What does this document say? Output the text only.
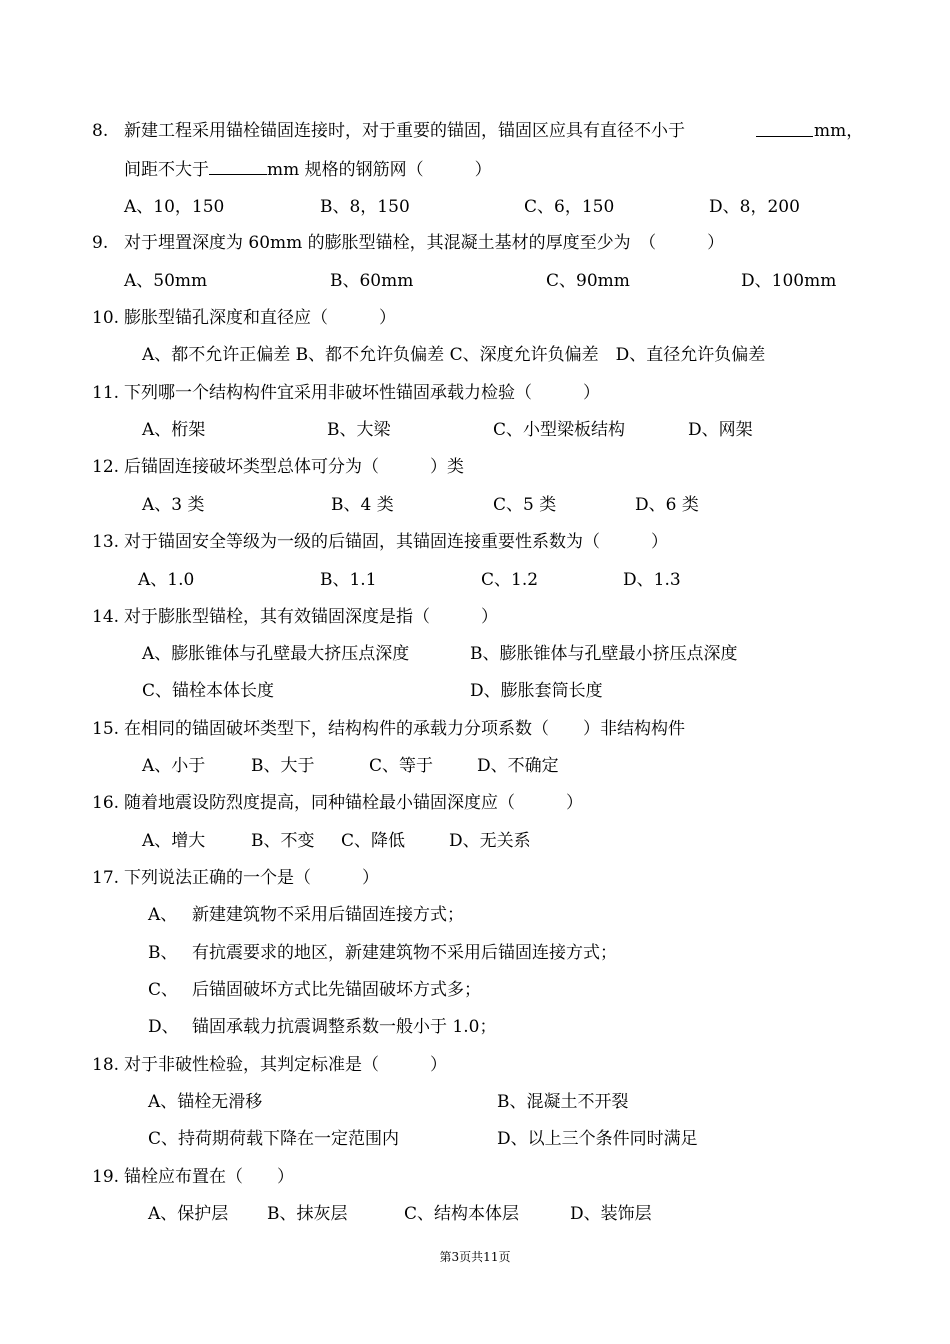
8. 新建工程采用锚栓锚固连接时，对于重要的锚固，锚固区应具有直径不小于	mm，
间距不大于	mm 规格的钢筋网（　　　）
A、10，150	B、8，150	C、6，150	D、8，200
9. 对于埋置深度为 60mm 的膨胀型锚栓，其混凝土基材的厚度至少为　（　　　）
A、50mm	B、60mm	C、90mm	D、100mm
10. 膨胀型锚孔深度和直径应（　　　）
A、都不允许正偏差 B、都不允许负偏差 C、深度允许负偏差　D、直径允许负偏差
11. 下列哪一个结构构件宜采用非破坏性锚固承载力检验（　　　）
A、桁架	B、大梁	C、小型梁板结构	D、网架
12. 后锚固连接破坏类型总体可分为（　　　）类
A、3 类	B、4 类	C、5 类	D、6 类
13. 对于锚固安全等级为一级的后锚固，其锚固连接重要性系数为（　　　）
A、1.0	B、1.1	C、1.2	D、1.3
14. 对于膨胀型锚栓，其有效锚固深度是指（　　　）
A、膨胀锥体与孔壁最大挤压点深度	B、膨胀锥体与孔壁最小挤压点深度
C、锚栓本体长度	D、膨胀套筒长度
15. 在相同的锚固破坏类型下，结构构件的承载力分项系数（　　）非结构构件
A、小于	B、大于	C、等于	D、不确定
16. 随着地震设防烈度提高，同种锚栓最小锚固深度应（　　　）
A、增大	B、不变 C、降低	D、无关系
17. 下列说法正确的一个是（　　　）
A、 新建建筑物不采用后锚固连接方式；
B、 有抗震要求的地区，新建建筑物不采用后锚固连接方式；
C、 后锚固破坏方式比先锚固破坏方式多；
D、 锚固承载力抗震调整系数一般小于 1.0；
18. 对于非破性检验，其判定标准是（　　　）
A、锚栓无滑移	B、混凝土不开裂
C、持荷期荷载下降在一定范围内	D、以上三个条件同时满足
19. 锚栓应布置在（　　）
A、保护层 B、抹灰层	C、结构本体层	D、装饰层
第3页共11页
